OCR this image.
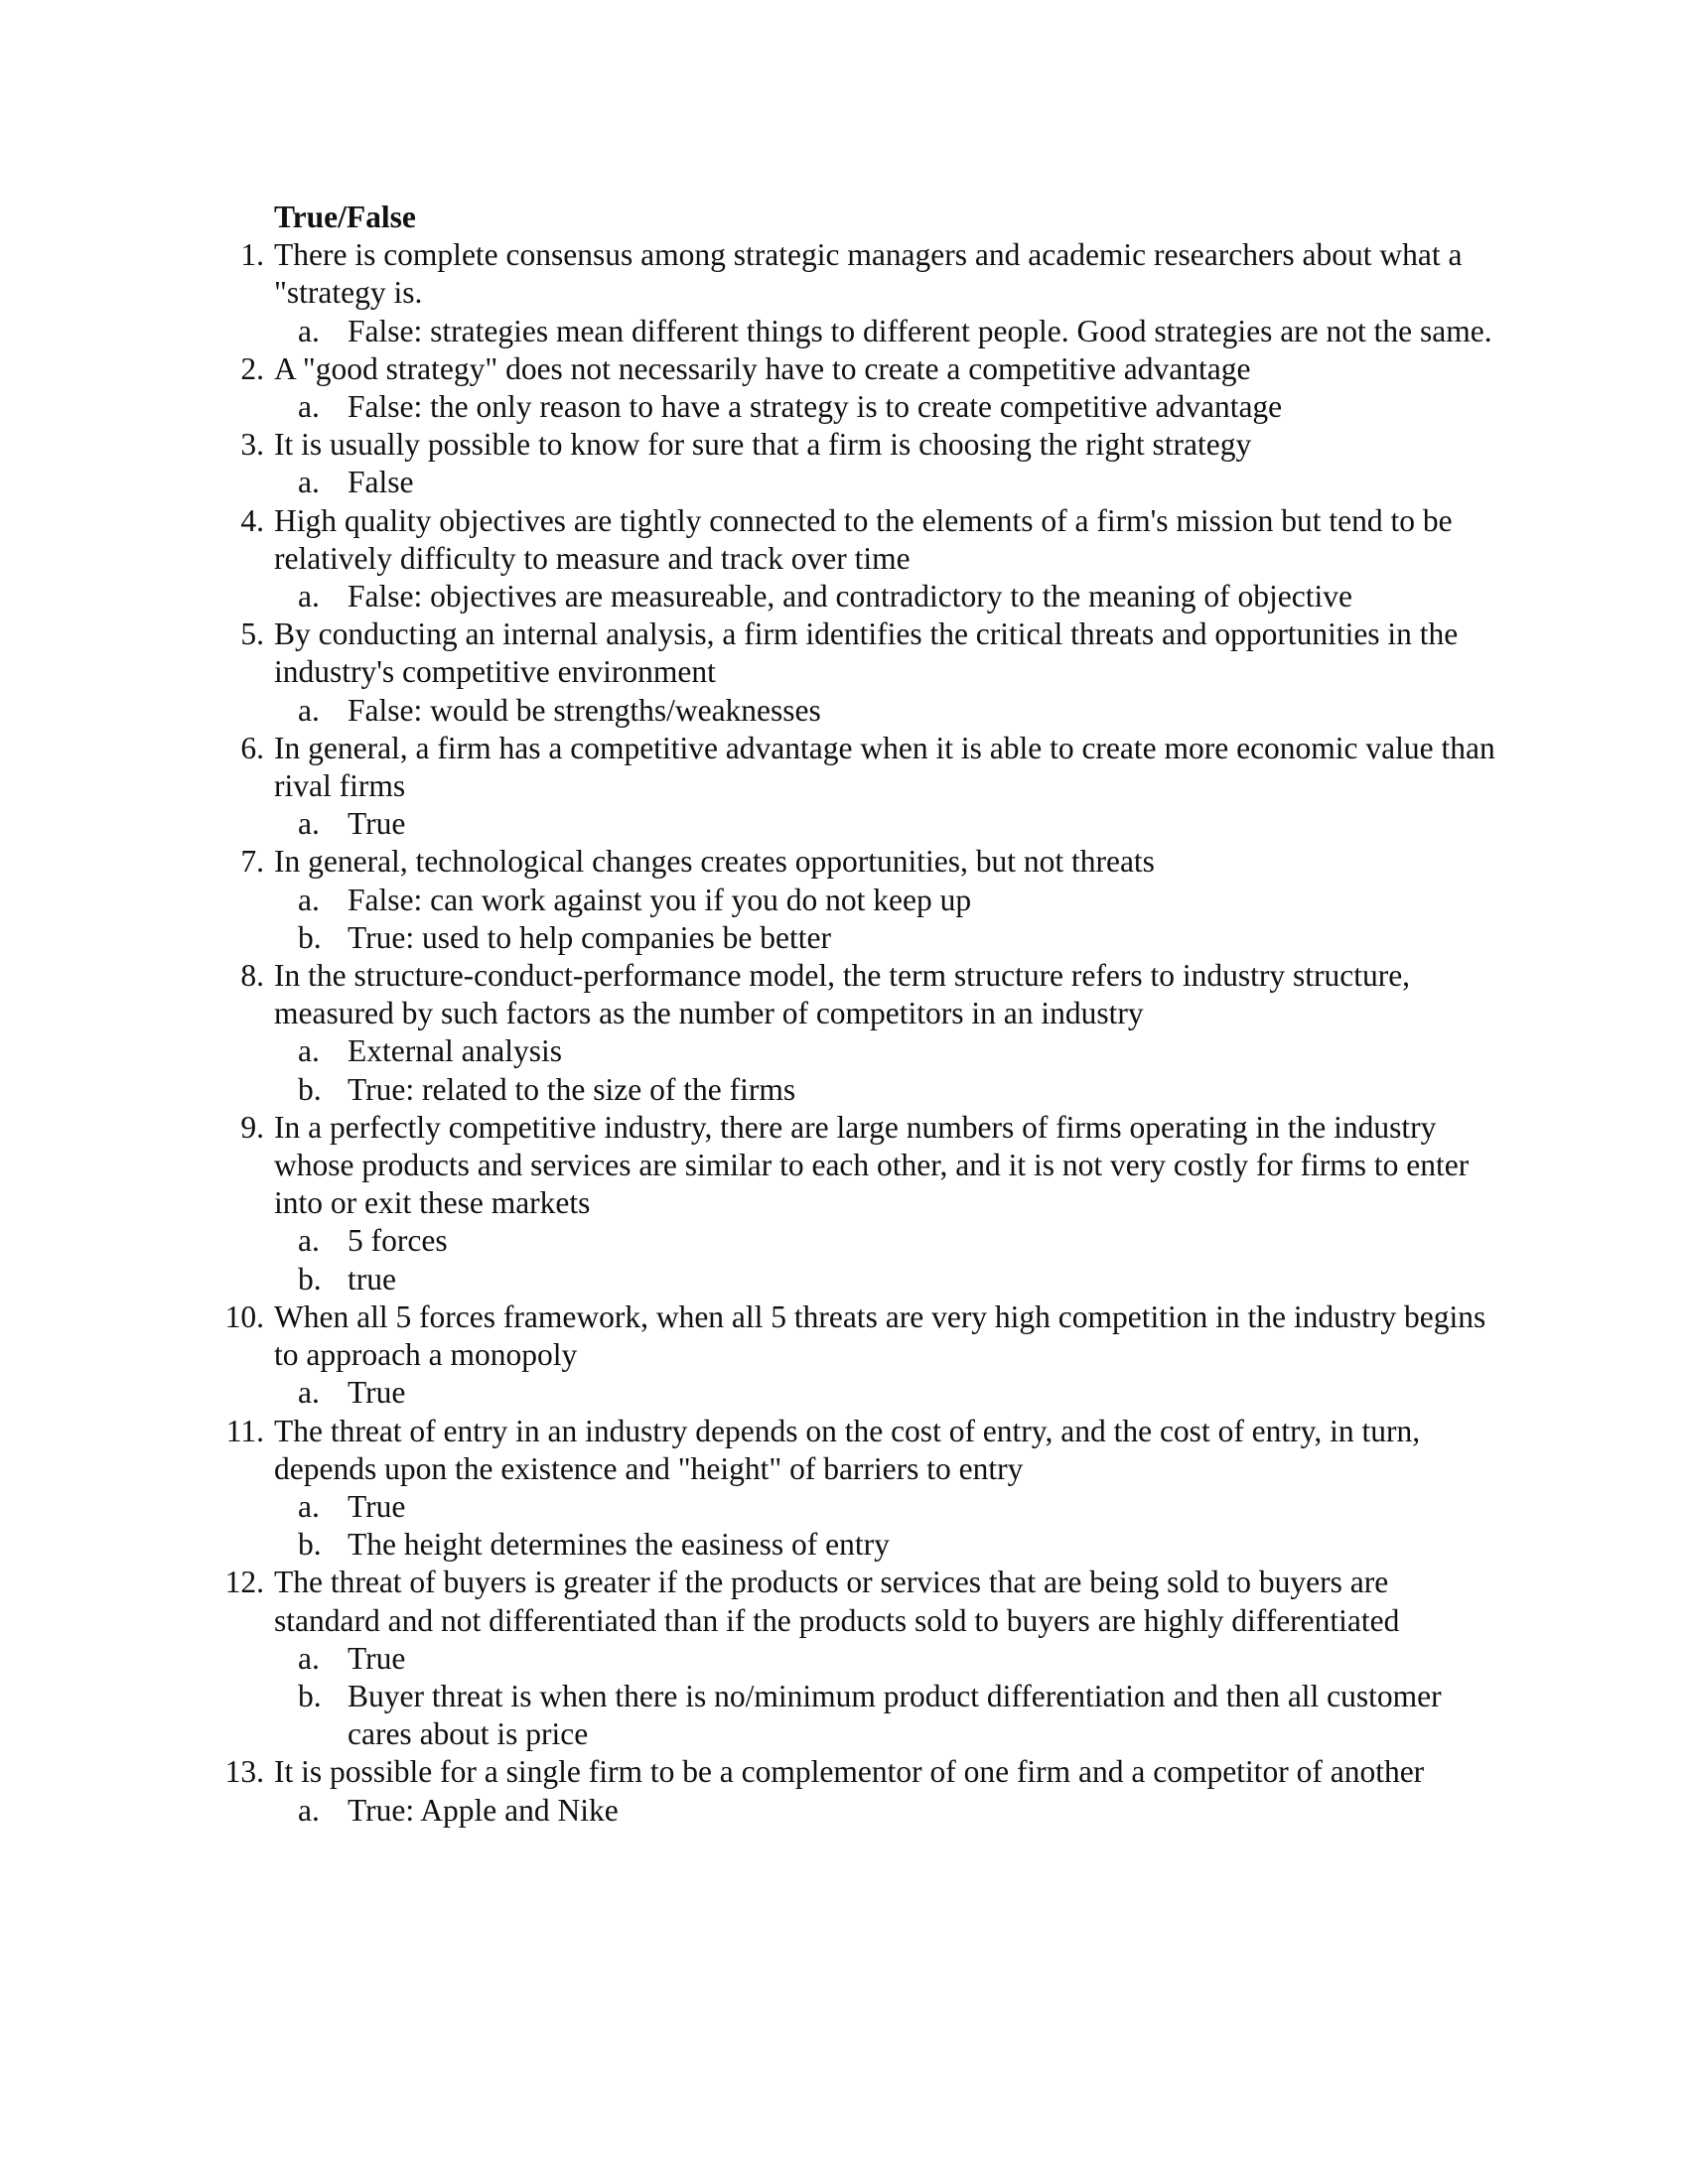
True/False
1. There is complete consensus among strategic managers and academic researchers about what a "strategy is.
a. False: strategies mean different things to different people. Good strategies are not the same.
2. A "good strategy" does not necessarily have to create a competitive advantage
a. False: the only reason to have a strategy is to create competitive advantage
3. It is usually possible to know for sure that a firm is choosing the right strategy
a. False
4. High quality objectives are tightly connected to the elements of a firm's mission but tend to be relatively difficulty to measure and track over time
a. False: objectives are measureable, and contradictory to the meaning of objective
5. By conducting an internal analysis, a firm identifies the critical threats and opportunities in the industry's competitive environment
a. False: would be strengths/weaknesses
6. In general, a firm has a competitive advantage when it is able to create more economic value than rival firms
a. True
7. In general, technological changes creates opportunities, but not threats
a. False: can work against you if you do not keep up
b. True: used to help companies be better
8. In the structure-conduct-performance model, the term structure refers to industry structure, measured by such factors as the number of competitors in an industry
a. External analysis
b. True: related to the size of the firms
9. In a perfectly competitive industry, there are large numbers of firms operating in the industry whose products and services are similar to each other, and it is not very costly for firms to enter into or exit these markets
a. 5 forces
b. true
10. When all 5 forces framework, when all 5 threats are very high competition in the industry begins to approach a monopoly
a. True
11. The threat of entry in an industry depends on the cost of entry, and the cost of entry, in turn, depends upon the existence and "height" of barriers to entry
a. True
b. The height determines the easiness of entry
12. The threat of buyers is greater if the products or services that are being sold to buyers are standard and not differentiated than if the products sold to buyers are highly differentiated
a. True
b. Buyer threat is when there is no/minimum product differentiation and then all customer cares about is price
13. It is possible for a single firm to be a complementor of one firm and a competitor of another
a. True: Apple and Nike
